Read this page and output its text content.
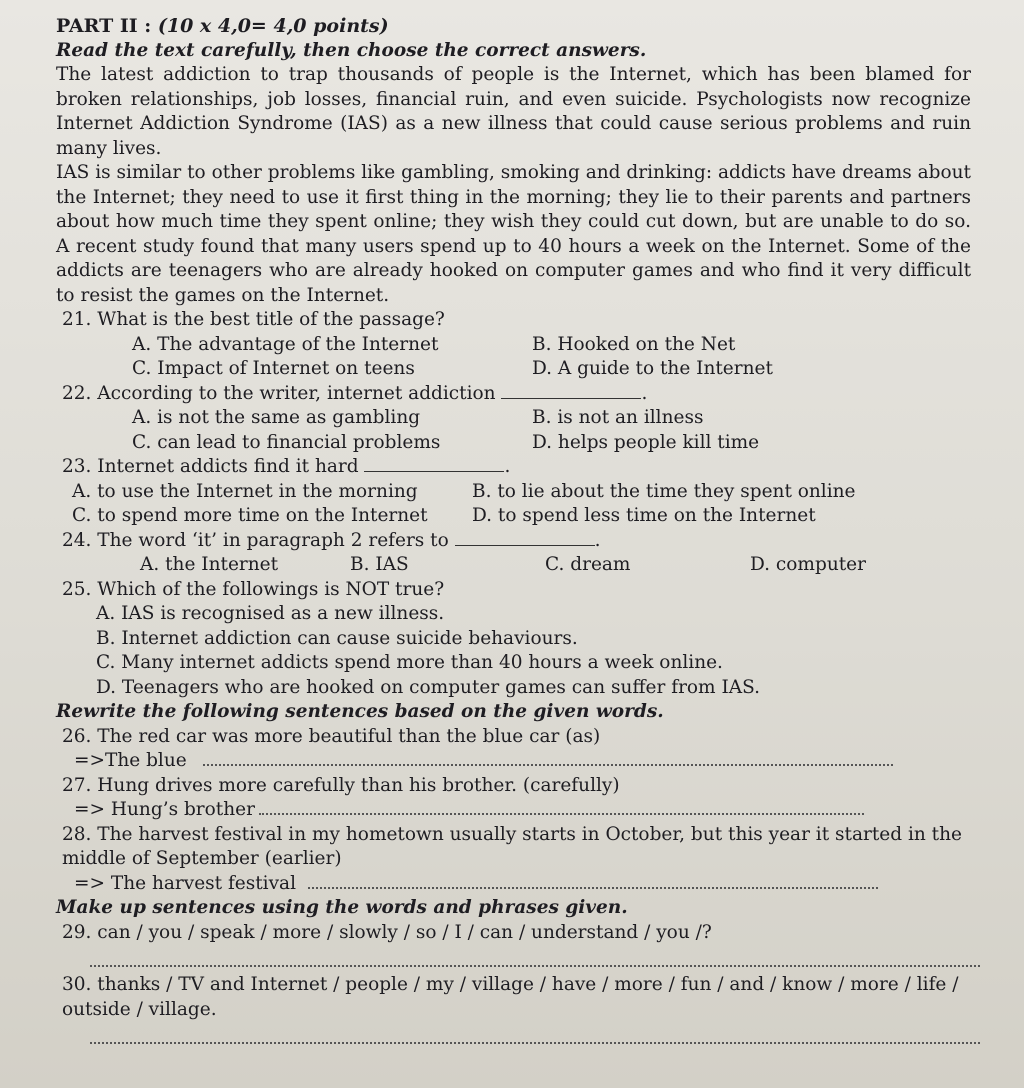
PART II : (10 x 4,0= 4,0 points)
Read the text carefully, then choose the correct answers.
The latest addiction to trap thousands of people is the Internet, which has been blamed for broken relationships, job losses, financial ruin, and even suicide. Psychologists now recognize Internet Addiction Syndrome (IAS) as a new illness that could cause serious problems and ruin many lives.
IAS is similar to other problems like gambling, smoking and drinking: addicts have dreams about the Internet; they need to use it first thing in the morning; they lie to their parents and partners about how much time they spent online; they wish they could cut down, but are unable to do so. A recent study found that many users spend up to 40 hours a week on the Internet. Some of the addicts are teenagers who are already hooked on computer games and who find it very difficult to resist the games on the Internet.
21. What is the best title of the passage?
A. The advantage of the Internet	B. Hooked on the Net
C. Impact of Internet on teens	D. A guide to the Internet
22. According to the writer, internet addiction	.
A. is not the same as gambling	B. is not an illness
C. can lead to financial problems	D. helps people kill time
23. Internet addicts find it hard	.
A. to use the Internet in the morning	B. to lie about the time they spent online
C. to spend more time on the Internet	D. to spend less time on the Internet
24. The word ‘it’ in paragraph 2 refers to	.
A. the Internet	B. IAS	C. dream	D. computer
25. Which of the followings is NOT true?
A. IAS is recognised as a new illness.
B. Internet addiction can cause suicide behaviours.
C. Many internet addicts spend more than 40 hours a week online.
D. Teenagers who are hooked on computer games can suffer from IAS.
Rewrite the following sentences based on the given words.
26. The red car was more beautiful than the blue car (as)
=>The blue
27. Hung drives more carefully than his brother. (carefully)
=> Hung’s brother
28. The harvest festival in my hometown usually starts in October, but this year it started in the middle of September (earlier)
=> The harvest festival
Make up sentences using the words and phrases given.
29. can / you / speak / more / slowly / so / I / can / understand / you /?
30. thanks / TV and Internet / people / my / village / have / more / fun / and / know / more / life / outside / village.
